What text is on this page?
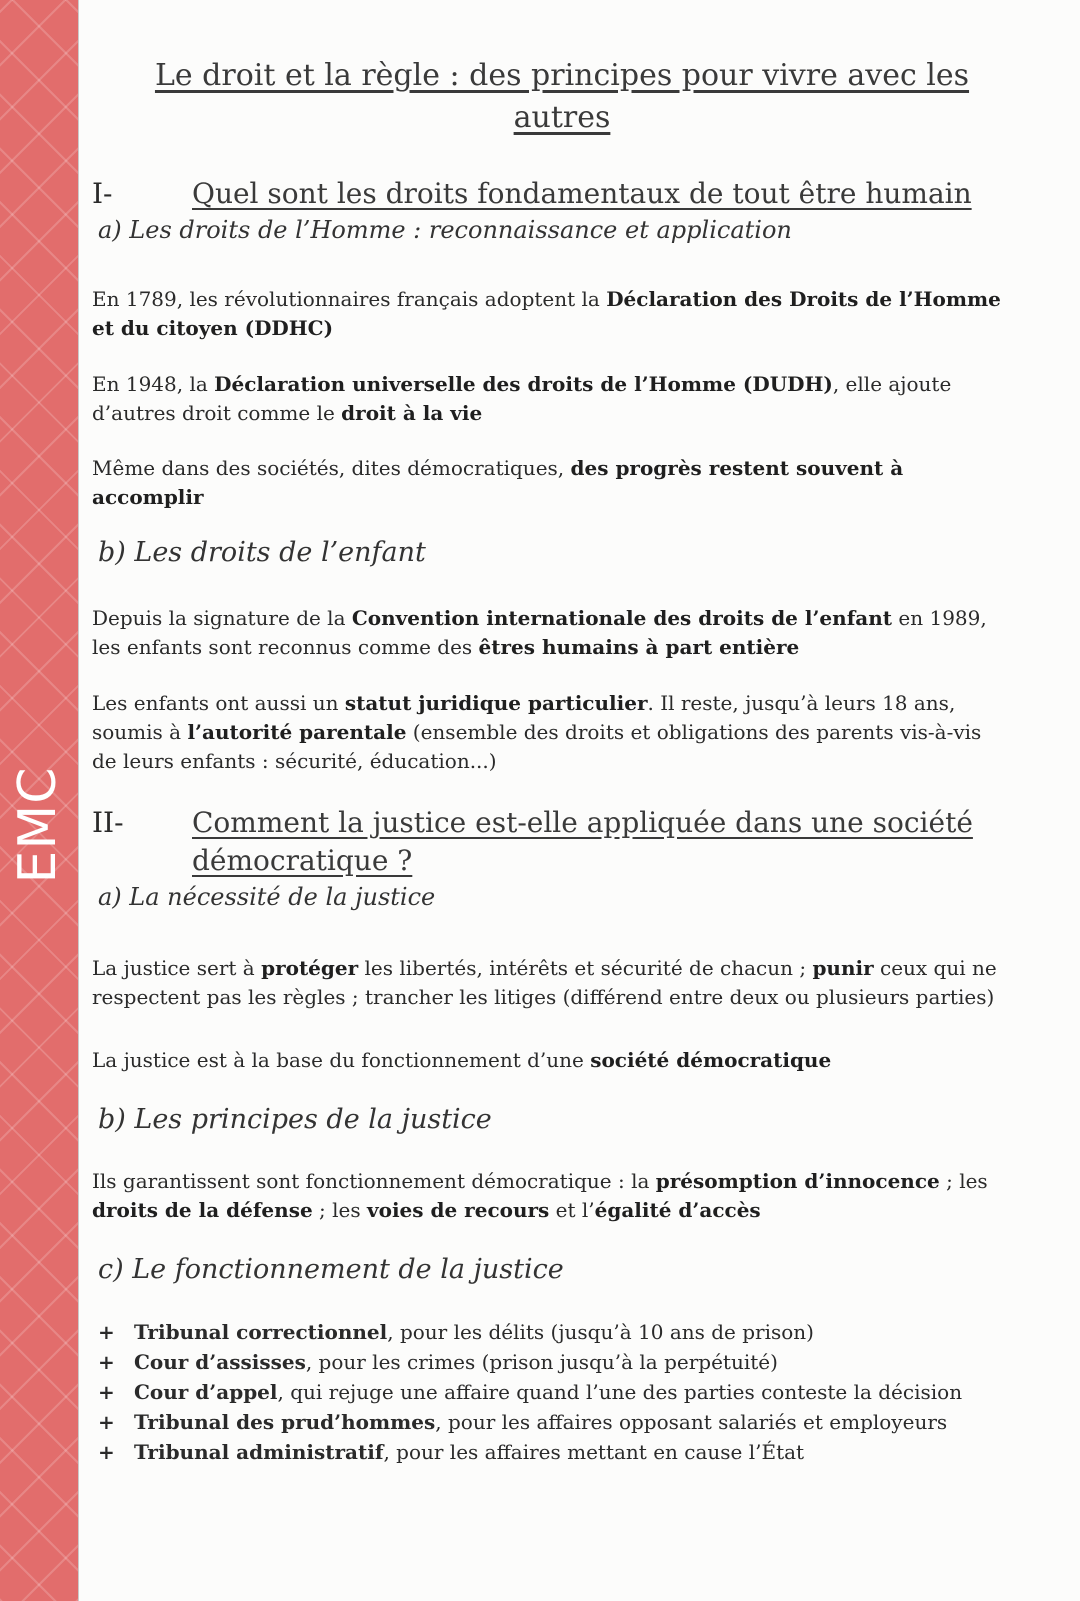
EMC
Le droit et la règle : des principes pour vivre avec les autres
I-	Quel sont les droits fondamentaux de tout être humain
a) Les droits de l’Homme : reconnaissance et application

En 1789, les révolutionnaires français adoptent la Déclaration des Droits de l’Homme et du citoyen (DDHC)

En 1948, la Déclaration universelle des droits de l’Homme (DUDH), elle ajoute d’autres droit comme le droit à la vie

Même dans des sociétés, dites démocratiques, des progrès restent souvent à accomplir

b) Les droits de l’enfant

Depuis la signature de la Convention internationale des droits de l’enfant en 1989, les enfants sont reconnus comme des êtres humains à part entière

Les enfants ont aussi un statut juridique particulier. Il reste, jusqu’à leurs 18 ans, soumis à l’autorité parentale (ensemble des droits et obligations des parents vis-à-vis de leurs enfants : sécurité, éducation...)

II-	Comment la justice est-elle appliquée dans une société démocratique ?
a) La nécessité de la justice

La justice sert à protéger les libertés, intérêts et sécurité de chacun ; punir ceux qui ne respectent pas les règles ; trancher les litiges (différend entre deux ou plusieurs parties)

La justice est à la base du fonctionnement d’une société démocratique

b) Les principes de la justice

Ils garantissent sont fonctionnement démocratique : la présomption d’innocence ; les droits de la défense ; les voies de recours et l’égalité d’accès

c) Le fonctionnement de la justice
+ Tribunal correctionnel, pour les délits (jusqu’à 10 ans de prison)
+ Cour d’assisses, pour les crimes (prison jusqu’à la perpétuité)
+ Cour d’appel, qui rejuge une affaire quand l’une des parties conteste la décision
+ Tribunal des prud’hommes, pour les affaires opposant salariés et employeurs
+ Tribunal administratif, pour les affaires mettant en cause l’État
